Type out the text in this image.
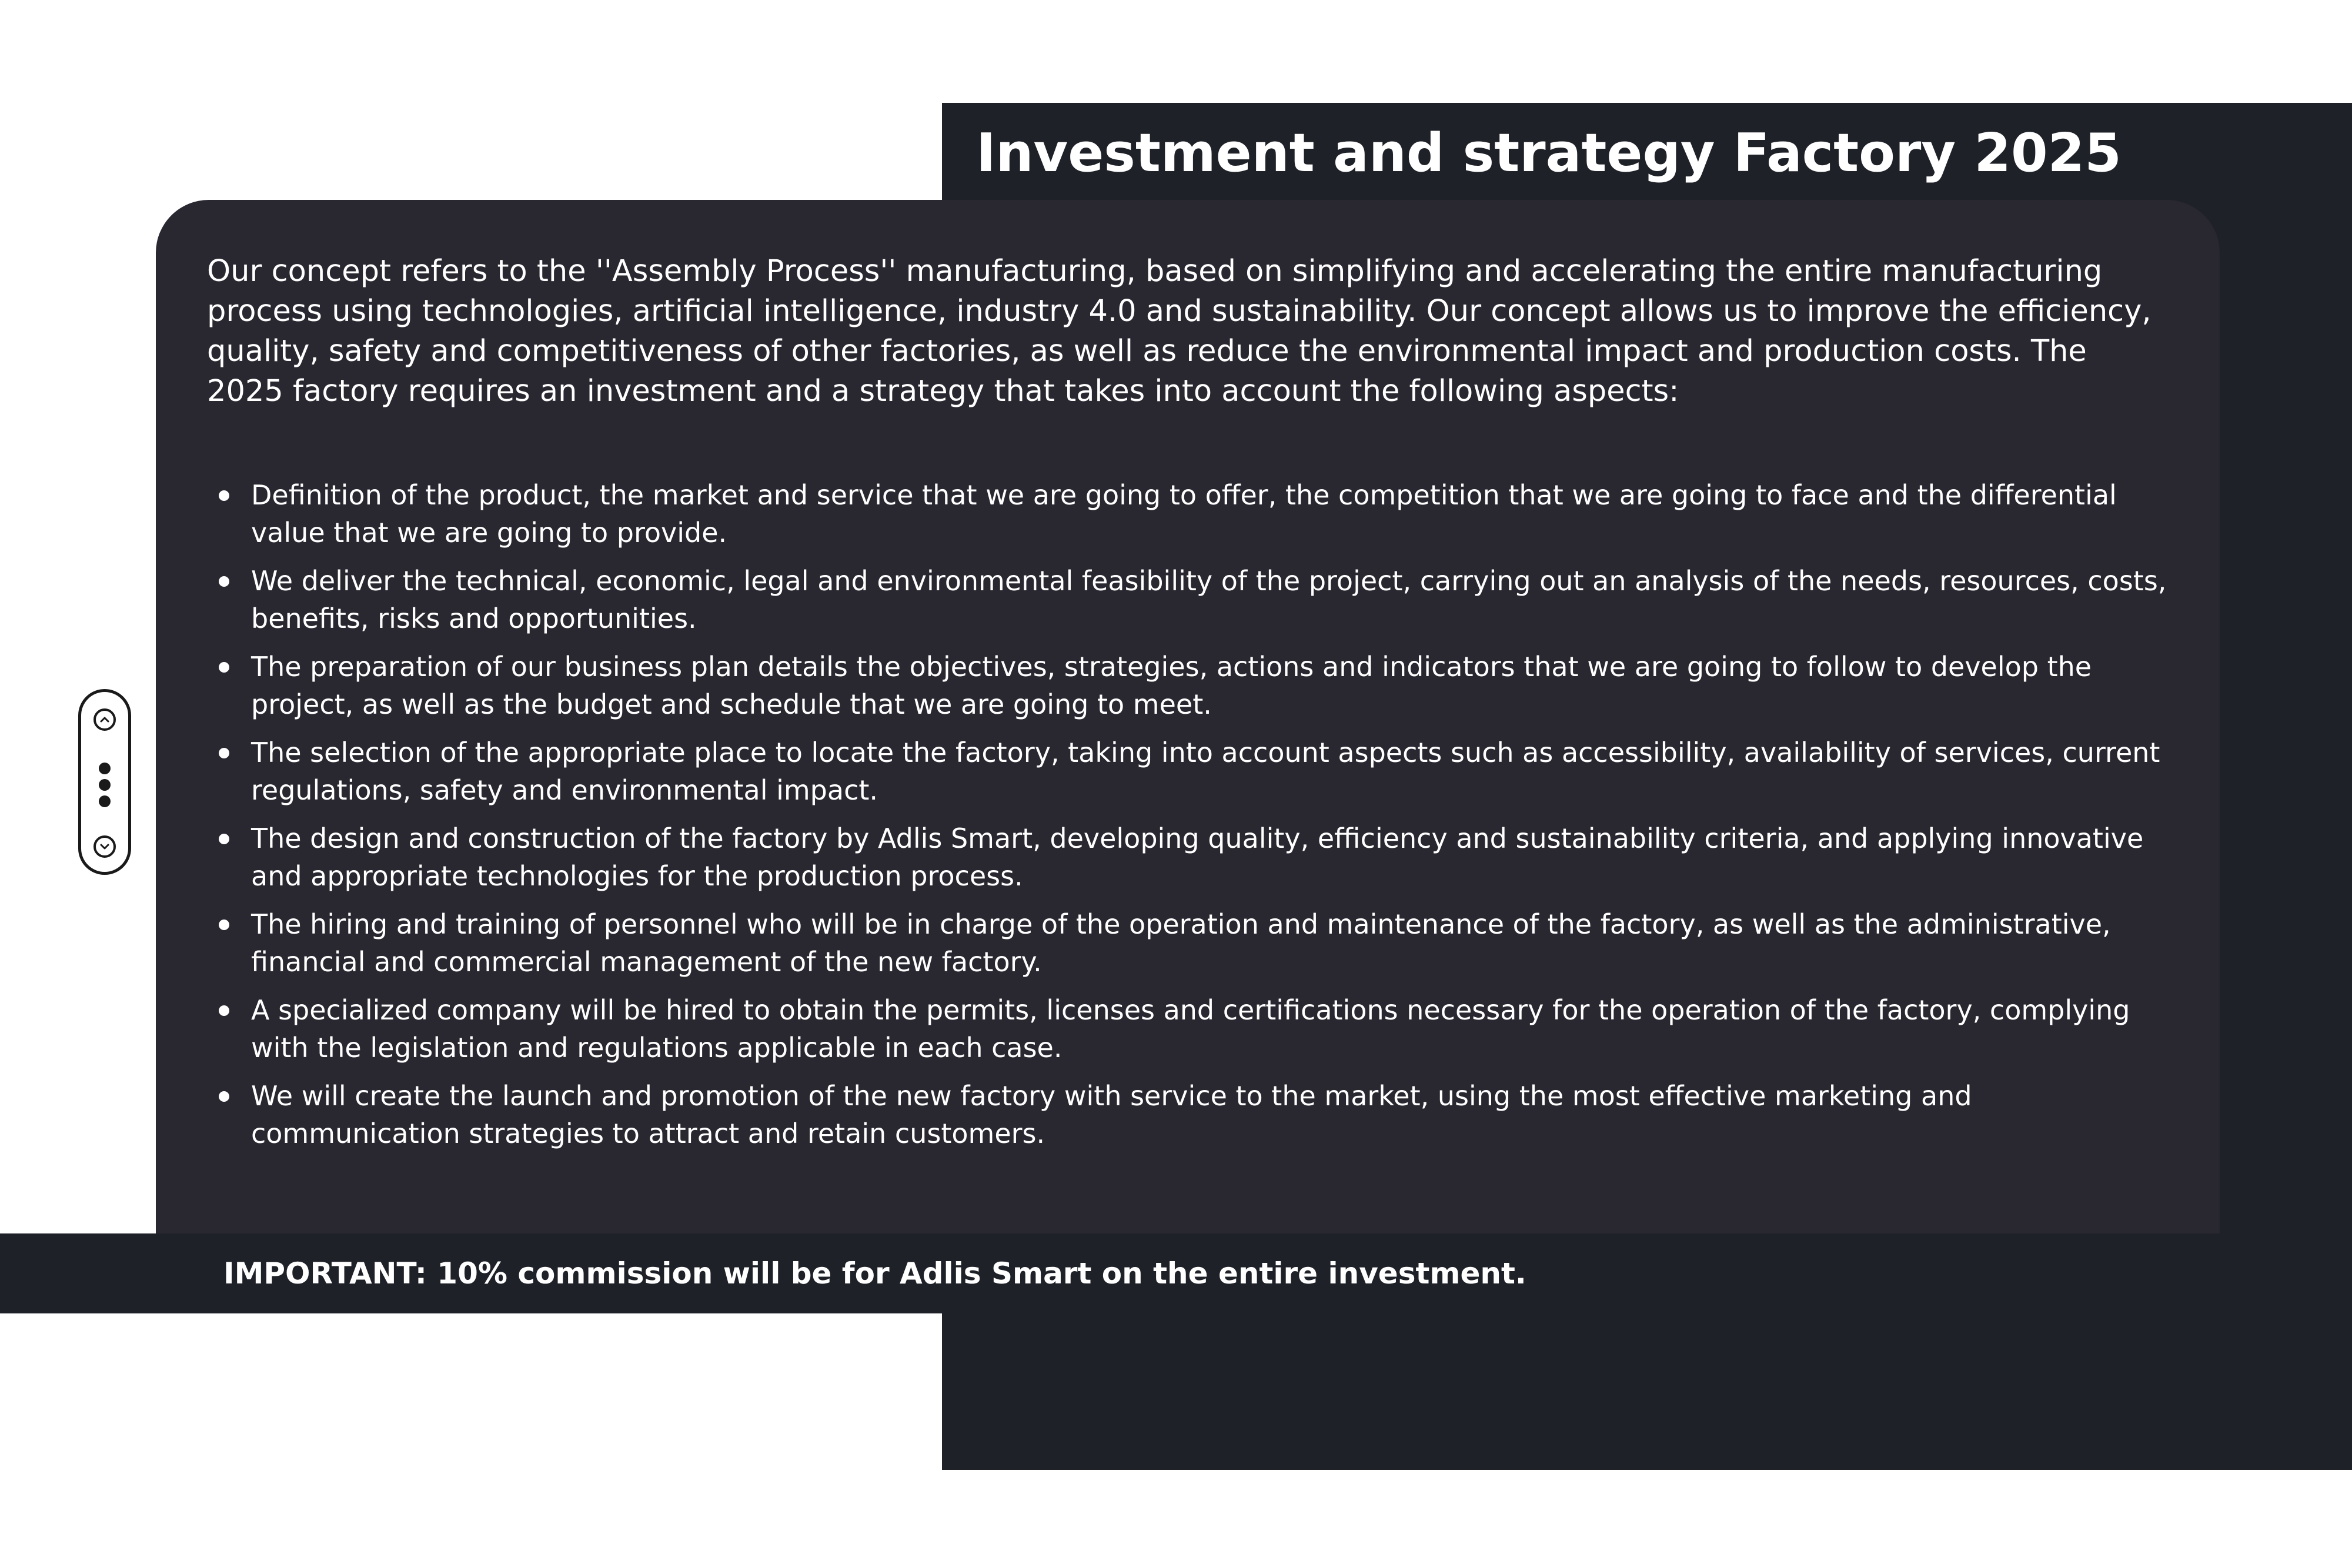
Investment and strategy Factory 2025

Our concept refers to the ''Assembly Process'' manufacturing, based on simplifying and accelerating the entire manufacturing process using technologies, artificial intelligence, industry 4.0 and sustainability. Our concept allows us to improve the efficiency, quality, safety and competitiveness of other factories, as well as reduce the environmental impact and production costs. The 2025 factory requires an investment and a strategy that takes into account the following aspects:

Definition of the product, the market and service that we are going to offer, the competition that we are going to face and the differential value that we are going to provide.
We deliver the technical, economic, legal and environmental feasibility of the project, carrying out an analysis of the needs, resources, costs, benefits, risks and opportunities.
The preparation of our business plan details the objectives, strategies, actions and indicators that we are going to follow to develop the project, as well as the budget and schedule that we are going to meet.
The selection of the appropriate place to locate the factory, taking into account aspects such as accessibility, availability of services, current regulations, safety and environmental impact.
The design and construction of the factory by Adlis Smart, developing quality, efficiency and sustainability criteria, and applying innovative and appropriate technologies for the production process.
The hiring and training of personnel who will be in charge of the operation and maintenance of the factory, as well as the administrative, financial and commercial management of the new factory.
A specialized company will be hired to obtain the permits, licenses and certifications necessary for the operation of the factory, complying with the legislation and regulations applicable in each case.
We will create the launch and promotion of the new factory with service to the market, using the most effective marketing and communication strategies to attract and retain customers.

IMPORTANT: 10% commission will be for Adlis Smart on the entire investment.
